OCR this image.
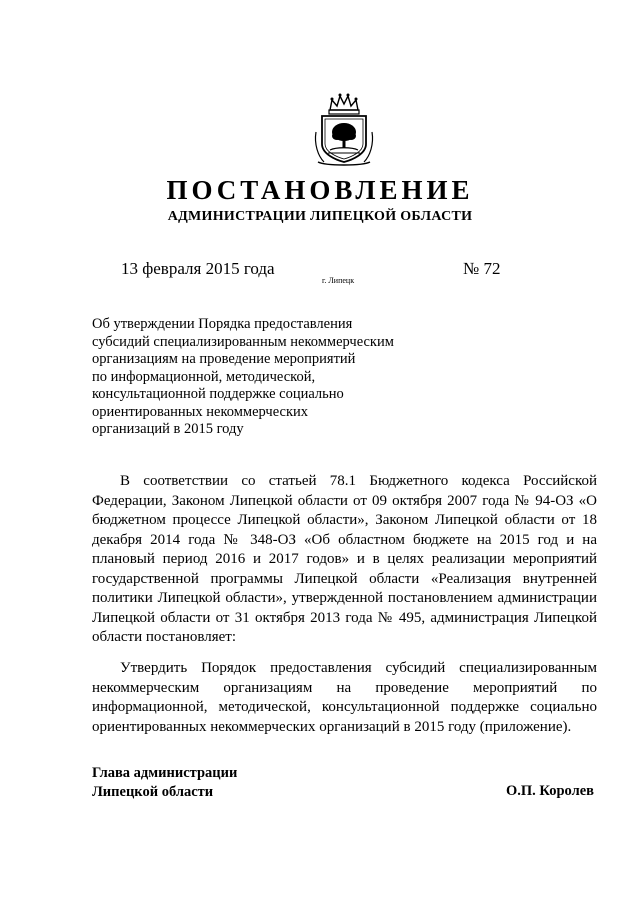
ПОСТАНОВЛЕНИЕ
АДМИНИСТРАЦИИ ЛИПЕЦКОЙ ОБЛАСТИ
13 февраля 2015 года
г. Липецк
№ 72
Об утверждении Порядка предоставления
субсидий специализированным некоммерческим
организациям на проведение мероприятий
по информационной, методической,
консультационной поддержке социально
ориентированных некоммерческих
организаций в 2015 году

В соответствии со статьей 78.1 Бюджетного кодекса Российской Федерации, Законом Липецкой области от 09 октября 2007 года № 94-ОЗ «О бюджетном процессе Липецкой области», Законом Липецкой области от 18 декабря 2014 года № 348-ОЗ «Об областном бюджете на 2015 год и на плановый период 2016 и 2017 годов» и в целях реализации мероприятий государственной программы Липецкой области «Реализация внутренней политики Липецкой области», утвержденной постановлением администрации Липецкой области от 31 октября 2013 года № 495, администрация Липецкой области постановляет:

Утвердить Порядок предоставления субсидий специализированным некоммерческим организациям на проведение мероприятий по информационной, методической, консультационной поддержке социально ориентированных некоммерческих организаций в 2015 году (приложение).

Глава администрации
Липецкой области	О.П. Королев
